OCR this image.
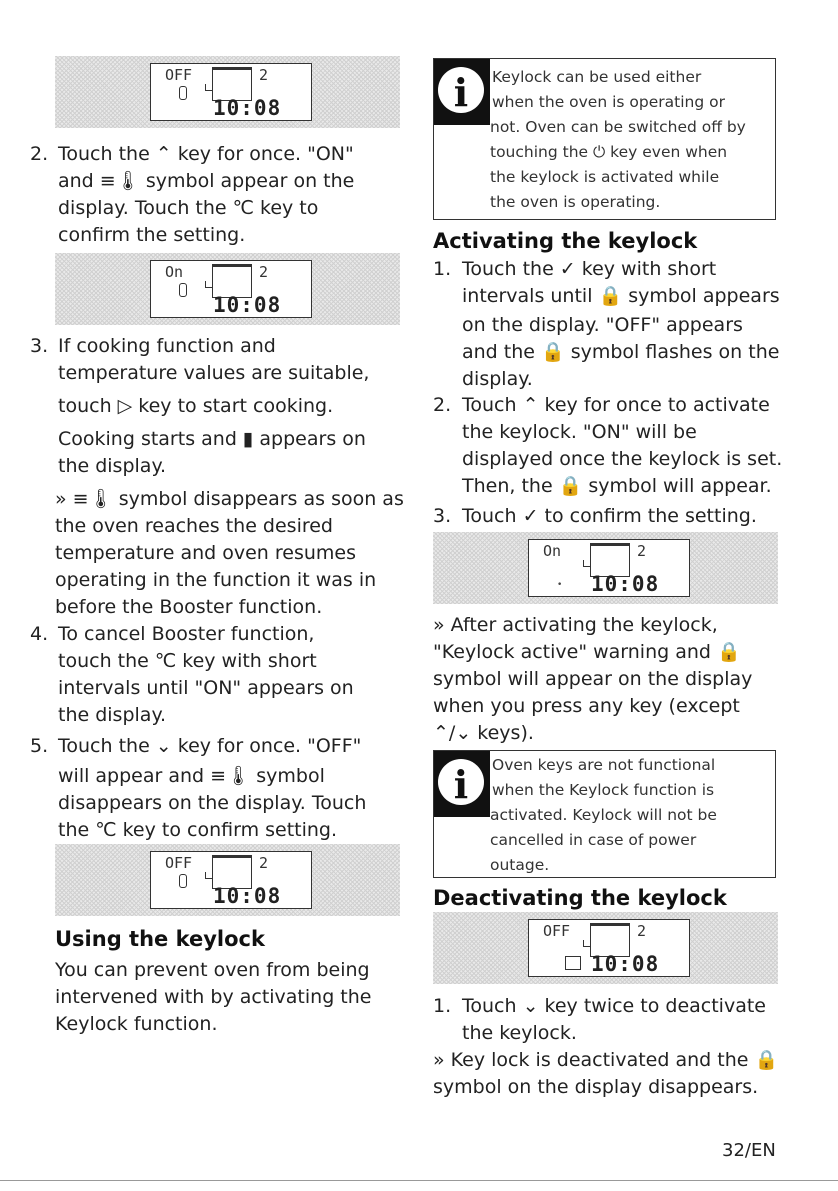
OFF	2
10:08
2. Touch the ⌃ key for once. "ON"

and ≡🌡 symbol appear on the

display. Touch the ℃ key to

confirm the setting.

On	2
10:08
3. If cooking function and

temperature values are suitable,

touch ▷ key to start cooking.

Cooking starts and ▮ appears on

the display.

» ≡🌡 symbol disappears as soon as

the oven reaches the desired

temperature and oven resumes

operating in the function it was in

before the Booster function.

4. To cancel Booster function,

touch the ℃ key with short

intervals until "ON" appears on

the display.

5. Touch the ⌄ key for once. "OFF"

will appear and ≡🌡 symbol

disappears on the display. Touch

the ℃ key to confirm setting.

OFF	2
10:08
Using the keylock

You can prevent oven from being

intervened with by activating the

Keylock function.

i	Keylock can be used either
when the oven is operating or
not. Oven can be switched off by
touching the ⏻ key even when
the keylock is activated while
the oven is operating.
Activating the keylock
1. Touch the ✓ key with short

intervals until 🔒 symbol appears

on the display. "OFF" appears

and the 🔒 symbol flashes on the

display.

2. Touch ⌃ key for once to activate

the keylock. "ON" will be

displayed once the keylock is set.

Then, the 🔒 symbol will appear.

3. Touch ✓ to confirm the setting.

On	2
• 10:08

» After activating the keylock,

"Keylock active" warning and 🔒

symbol will appear on the display

when you press any key (except

⌃/⌄ keys).

i	Oven keys are not functional
when the Keylock function is
activated. Keylock will not be
cancelled in case of power
outage.
Deactivating the keylock
OFF	2
10:08
1. Touch ⌄ key twice to deactivate

the keylock.

» Key lock is deactivated and the 🔒

symbol on the display disappears.

32/EN
